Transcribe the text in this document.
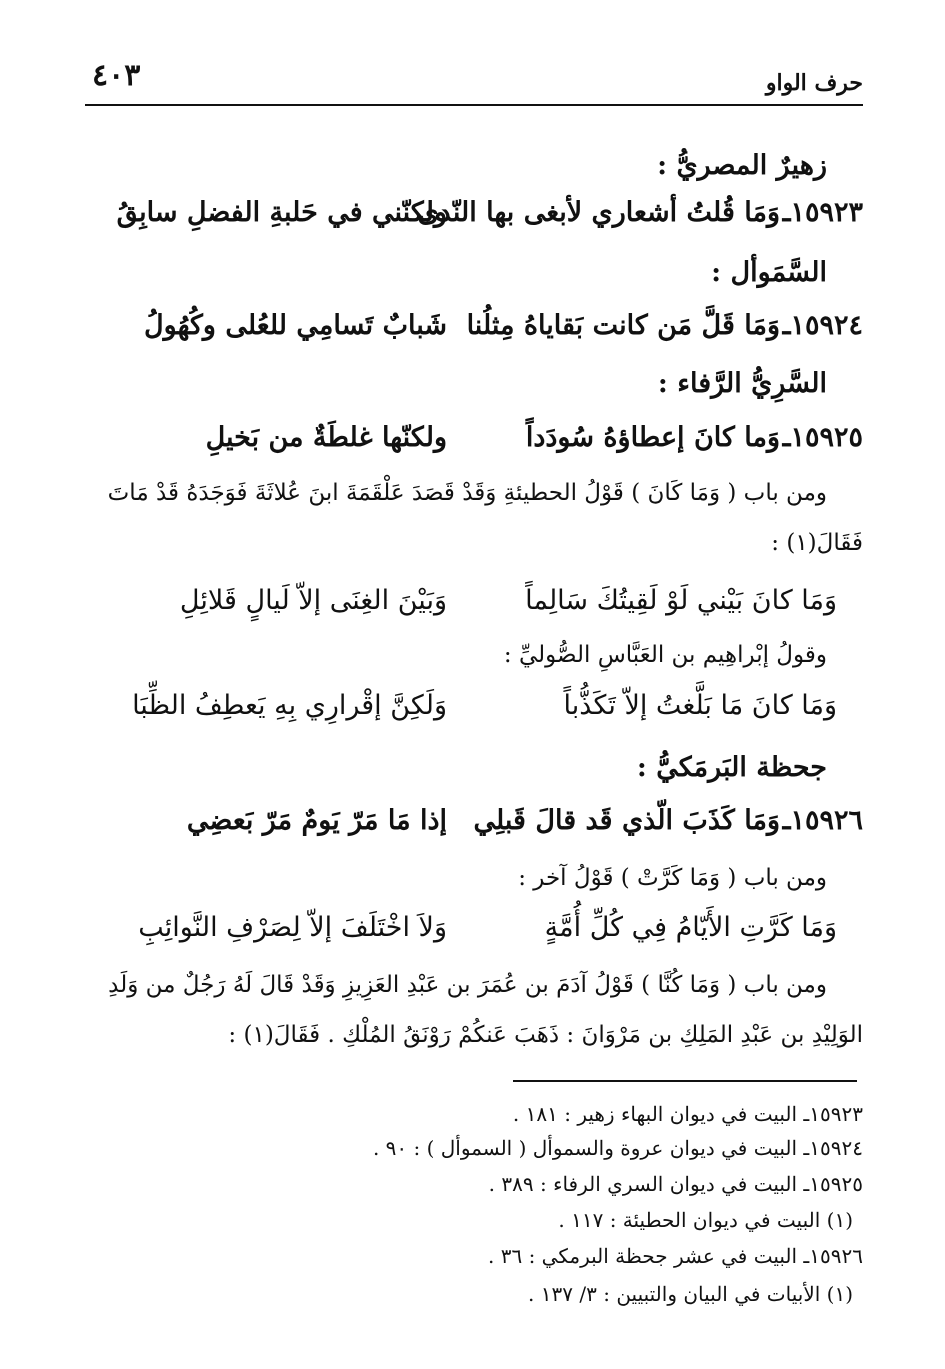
٤٠٣	حرف الواو
زهيرٌ المصريُّ :
١٥٩٢٣ـ
وَمَا قُلتُ أشعاري لأبغى بها النّدى
ولكنّني في حَلبةِ الفضلِ سابِقُ
السَّمَوأل :
١٥٩٢٤ـ
وَمَا قَلَّ مَن كانت بَقاياهُ مِثلُنا
شَبابٌ تَسامِي للعُلى وكُهُولُ
السَّرِيُّ الرَّفاء :
١٥٩٢٥ـ
وَما كانَ إعطاؤهُ سُودَداً
ولكنّها غلطَةٌ من بَخيلِ
ومن باب ( وَمَا كَانَ ) قَوْلُ الحطيئةِ وَقَدْ قَصَدَ عَلْقَمَةَ ابنَ عُلاثَةَ فَوَجَدَهُ قَدْ مَاتَ
فَقَالَ(١) :
وَمَا كانَ بَيْني لَوْ لَقِيتُكَ سَالِماً
وَبَيْنَ الغِنَى إلاّ لَيالٍ قَلائِلِ
وقولُ إبْراهِيم بن العَبَّاسِ الصُّوليِّ :
وَمَا كانَ مَا بَلَّغتُ إلاّ تَكَذُّباً
وَلَكِنَّ إقْرارِي بِهِ يَعطِفُ الظِّبَا
جحظة البَرمَكيُّ :
١٥٩٢٦ـ
وَمَا كَذَبَ الّذي قَد قالَ قَبلِي
إذا مَا مَرّ يَومٌ مَرّ بَعضِي
ومن باب ( وَمَا كَرَّتْ ) قَوْلُ آخر :
وَمَا كَرَّتِ الأَيّامُ فِي كُلِّ أُمَّةٍ
وَلاَ اخْتَلَفَ إلاّ لِصَرْفِ النَّوائِبِ
ومن باب ( وَمَا كُنَّا ) قَوْلُ آدَمَ بن عُمَرَ بن عَبْدِ العَزِيزِ وَقَدْ قَالَ لَهُ رَجُلٌ من وَلَدِ
الوَلِيْدِ بن عَبْدِ المَلِكِ بن مَرْوَانَ : ذَهَبَ عَنكُمْ رَوْنَقُ المُلْكِ . فَقَالَ(١) :
١٥٩٢٣ـ البيت في ديوان البهاء زهير : ١٨١ .
١٥٩٢٤ـ البيت في ديوان عروة والسموأل ( السموأل ) : ٩٠ .
١٥٩٢٥ـ البيت في ديوان السري الرفاء : ٣٨٩ .
(١) البيت في ديوان الحطيئة : ١١٧ .
١٥٩٢٦ـ البيت في عشر جحظة البرمكي : ٣٦ .
(١) الأبيات في البيان والتبيين : ٣/ ١٣٧ .
